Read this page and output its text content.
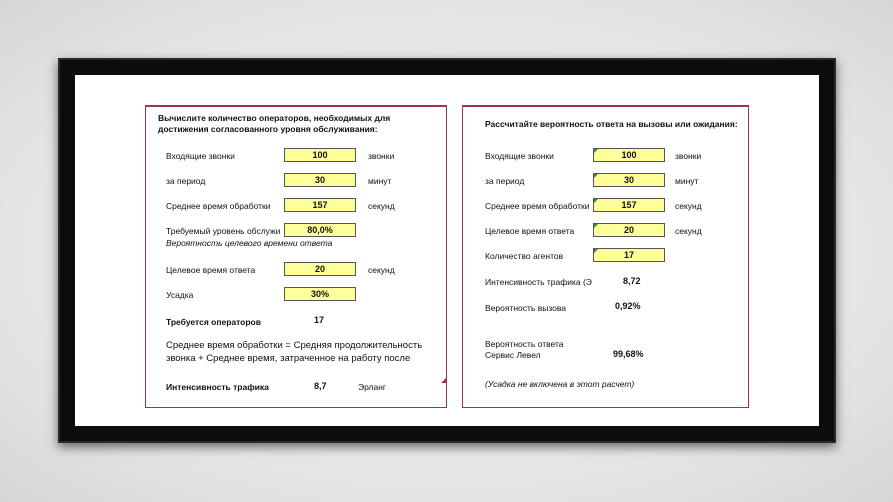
Вычислите количество операторов, необходимых для
достижения согласованного уровня обслуживания:
Входящие звонки	100	звонки
за период	30	минут
Среднее время обработки	157	секунд
Требуемый уровень обслужи	80,0%
Вероятность целевого времени ответа
Целевое время ответа	20	секунд
Усадка	30%
Требуется операторов	17
Среднее время обработки = Средняя продолжительность
звонка + Среднее время, затраченное на работу после
Интенсивность трафика	8,7	Эрланг
Рассчитайте вероятность ответа на вызовы или ожидания:
Входящие звонки	100	звонки
за период	30	минут
Среднее время обработки	157	секунд
Целевое время ответа	20	секунд
Количество агентов	17
Интенсивность трафика (Э	8,72
Вероятность вызова	0,92%
Вероятность ответа
Сервис Левел	99,68%
(Усадка не включена в этот расчет)
